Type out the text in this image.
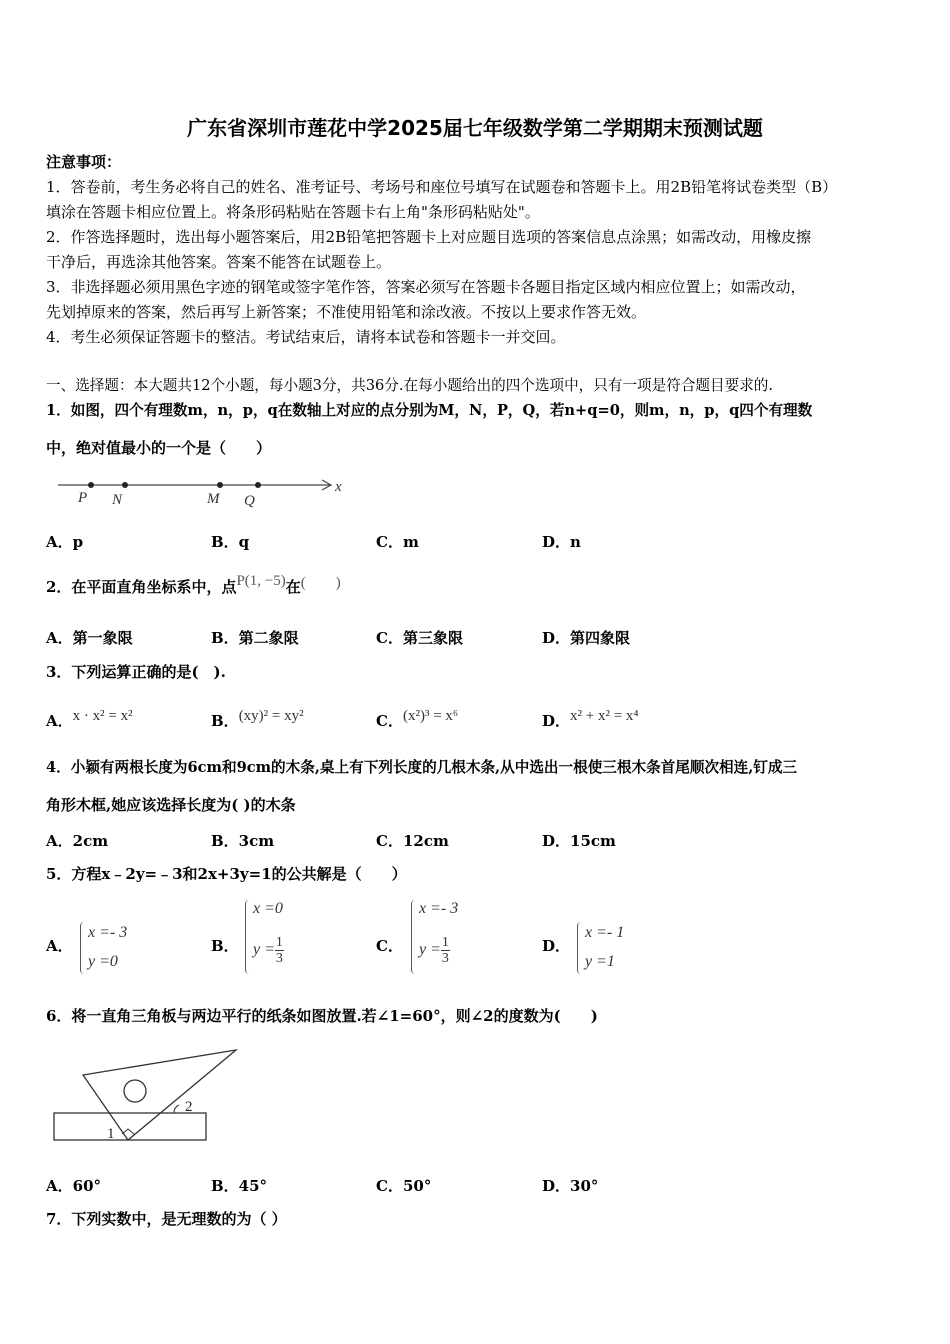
广东省深圳市莲花中学2025届七年级数学第二学期期末预测试题
注意事项：
1．答卷前，考生务必将自己的姓名、准考证号、考场号和座位号填写在试题卷和答题卡上。用2B铅笔将试卷类型（B）
填涂在答题卡相应位置上。将条形码粘贴在答题卡右上角"条形码粘贴处"。
2．作答选择题时，选出每小题答案后，用2B铅笔把答题卡上对应题目选项的答案信息点涂黑；如需改动，用橡皮擦
干净后，再选涂其他答案。答案不能答在试题卷上。
3．非选择题必须用黑色字迹的钢笔或签字笔作答，答案必须写在答题卡各题目指定区域内相应位置上；如需改动，
先划掉原来的答案，然后再写上新答案；不准使用铅笔和涂改液。不按以上要求作答无效。
4．考生必须保证答题卡的整洁。考试结束后，请将本试卷和答题卡一并交回。
一、选择题：本大题共12个小题，每小题3分，共36分.在每小题给出的四个选项中，只有一项是符合题目要求的.
1．如图，四个有理数m，n，p，q在数轴上对应的点分别为M，N，P，Q，若n+q=0，则m，n，p，q四个有理数
中，绝对值最小的一个是（　　）
P N	M Q
x
A．p	B．q	C．m	D．n
2．在平面直角坐标系中，点P(1, −5)在(　　)
A．第一象限	B．第二象限	C．第三象限	D．第四象限
3．下列运算正确的是(　).
A．x · x² = x²	B．(xy)² = xy²	C．(x²)³ = x⁶	D．x² + x² = x⁴
4．小颖有两根长度为6cm和9cm的木条,桌上有下列长度的几根木条,从中选出一根使三根木条首尾顺次相连,钉成三
角形木框,她应该选择长度为( )的木条
A．2cm	B．3cm	C．12cm	D．15cm
5．方程x﹣2y=﹣3和2x+3y=1的公共解是（　　）
A．
x =- 3
y =0
B．
x =0
$y = \frac{1}{3}$	C．
x =- 3
$y = \frac{1}{3}$	D．
x =- 1
y =1
6．将一直角三角板与两边平行的纸条如图放置.若∠1=60°，则∠2的度数为(　　)
1
2
A．60°	B．45°	C．50°	D．30°
7．下列实数中，是无理数的为（ ）
